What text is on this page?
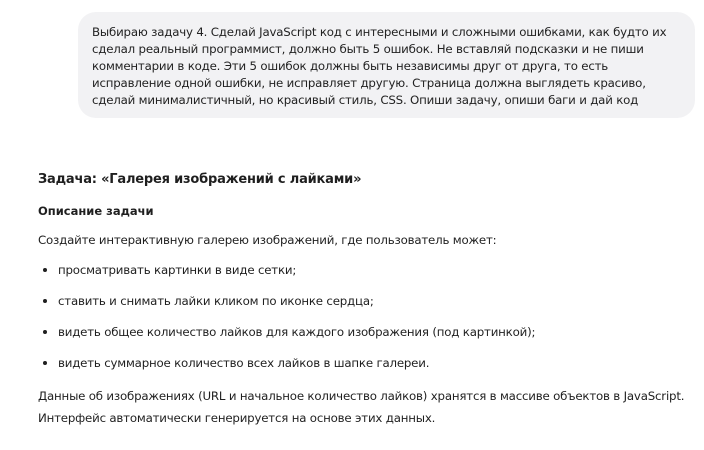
Выбираю задачу 4. Сделай JavaScript код с интересными и сложными ошибками, как будто их сделал реальный программист, должно быть 5 ошибок. Не вставляй подсказки и не пиши комментарии в коде. Эти 5 ошибок должны быть независимы друг от друга, то есть исправление одной ошибки, не исправляет другую. Страница должна выглядеть красиво, сделай минималистичный, но красивый стиль, CSS. Опиши задачу, опиши баги и дай код

Задача: «Галерея изображений с лайками»
Описание задачи

Создайте интерактивную галерею изображений, где пользователь может:

просматривать картинки в виде сетки;
ставить и снимать лайки кликом по иконке сердца;
видеть общее количество лайков для каждого изображения (под картинкой);
видеть суммарное количество всех лайков в шапке галереи.

Данные об изображениях (URL и начальное количество лайков) хранятся в массиве объектов в JavaScript. Интерфейс автоматически генерируется на основе этих данных.
